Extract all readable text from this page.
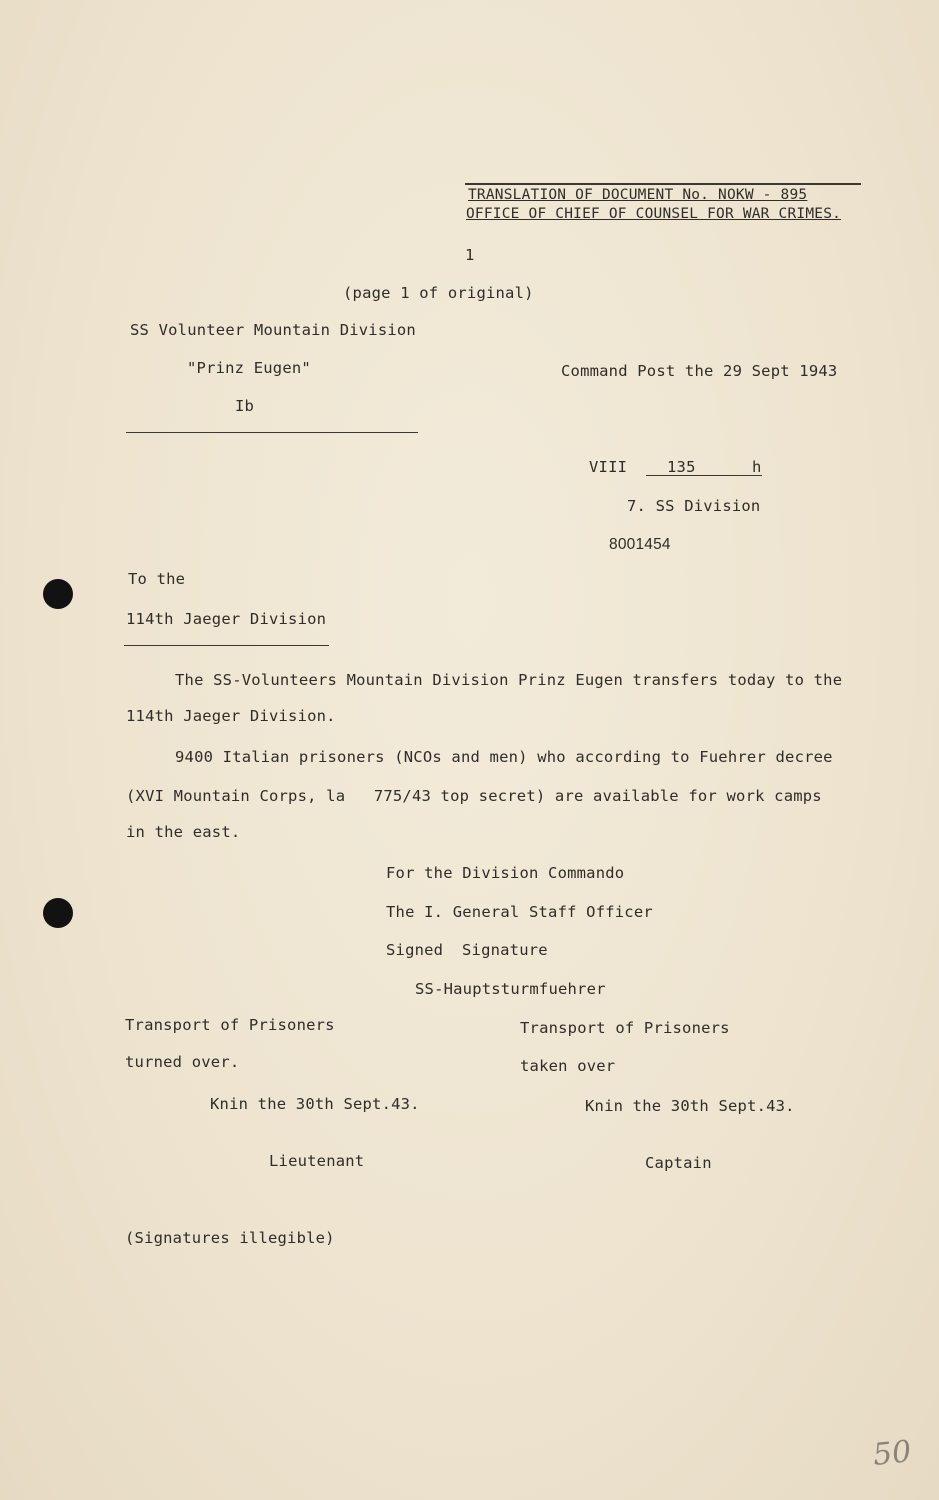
TRANSLATION OF DOCUMENT No. NOKW - 895
OFFICE OF CHIEF OF COUNSEL FOR WAR CRIMES.
1
(page 1 of original)
SS Volunteer Mountain Division
"Prinz Eugen"
Ib
Command Post the 29 Sept 1943
VIII	135	h
7. SS Division
8001454
To the
114th Jaeger Division
The SS-Volunteers Mountain Division Prinz Eugen transfers today to the
114th Jaeger Division.
9400 Italian prisoners (NCOs and men) who according to Fuehrer decree
(XVI Mountain Corps, la   775/43 top secret) are available for work camps
in the east.
For the Division Commando
The I. General Staff Officer
Signed Signature
SS-Hauptsturmfuehrer
Transport of Prisoners
turned over.
Knin the 30th Sept.43.
Lieutenant
Transport of Prisoners
taken over
Knin the 30th Sept.43.
Captain
(Signatures illegible)
50
